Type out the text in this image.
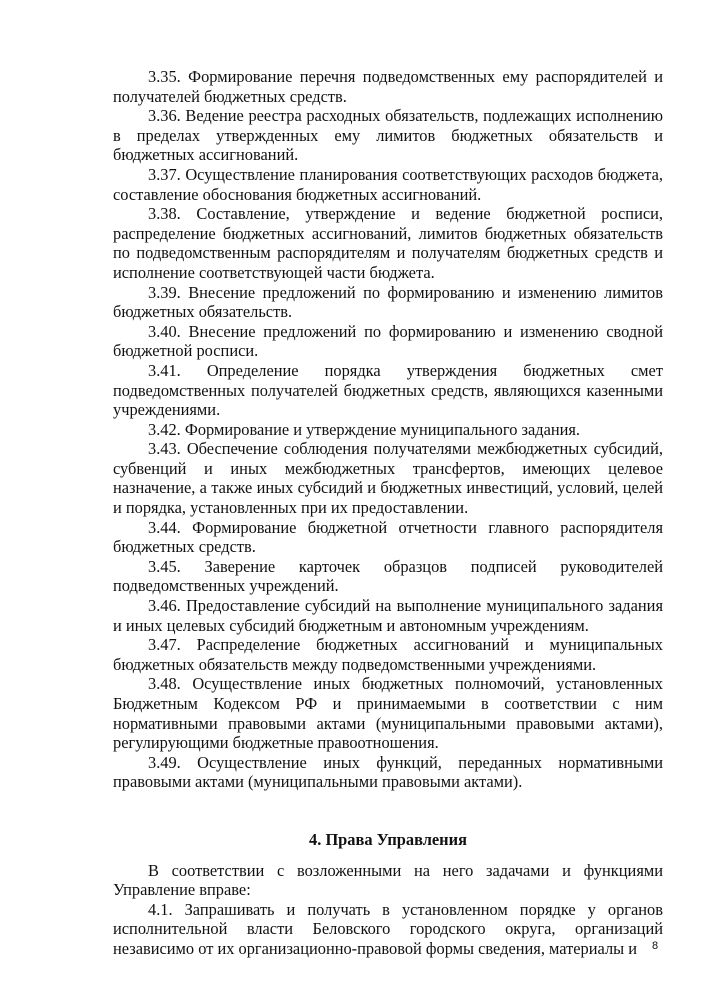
3.35. Формирование перечня подведомственных ему распорядителей и получателей бюджетных средств.

3.36. Ведение реестра расходных обязательств, подлежащих исполнению в пределах утвержденных ему лимитов бюджетных обязательств и бюджетных ассигнований.

3.37. Осуществление планирования соответствующих расходов бюджета, составление обоснования бюджетных ассигнований.

3.38. Составление, утверждение и ведение бюджетной росписи, распределение бюджетных ассигнований, лимитов бюджетных обязательств по подведомственным распорядителям и получателям бюджетных средств и исполнение соответствующей части бюджета.

3.39. Внесение предложений по формированию и изменению лимитов бюджетных обязательств.

3.40. Внесение предложений по формированию и изменению сводной бюджетной росписи.

3.41. Определение порядка утверждения бюджетных смет подведомственных получателей бюджетных средств, являющихся казенными учреждениями.

3.42. Формирование и утверждение муниципального задания.

3.43. Обеспечение соблюдения получателями межбюджетных субсидий, субвенций и иных межбюджетных трансфертов, имеющих целевое назначение, а также иных субсидий и бюджетных инвестиций, условий, целей и порядка, установленных при их предоставлении.

3.44. Формирование бюджетной отчетности главного распорядителя бюджетных средств.

3.45. Заверение карточек образцов подписей руководителей подведомственных учреждений.

3.46. Предоставление субсидий на выполнение муниципального задания и иных целевых субсидий бюджетным и автономным учреждениям.

3.47. Распределение бюджетных ассигнований и муниципальных бюджетных обязательств между подведомственными учреждениями.

3.48. Осуществление иных бюджетных полномочий, установленных Бюджетным Кодексом РФ и принимаемыми в соответствии с ним нормативными правовыми актами (муниципальными правовыми актами), регулирующими бюджетные правоотношения.

3.49. Осуществление иных функций, переданных нормативными правовыми актами (муниципальными правовыми актами).

4. Права Управления

В соответствии с возложенными на него задачами и функциями Управление вправе:

4.1. Запрашивать и получать в установленном порядке у органов исполнительной власти Беловского городского округа, организаций независимо от их организационно-правовой формы сведения, материалы и	8
